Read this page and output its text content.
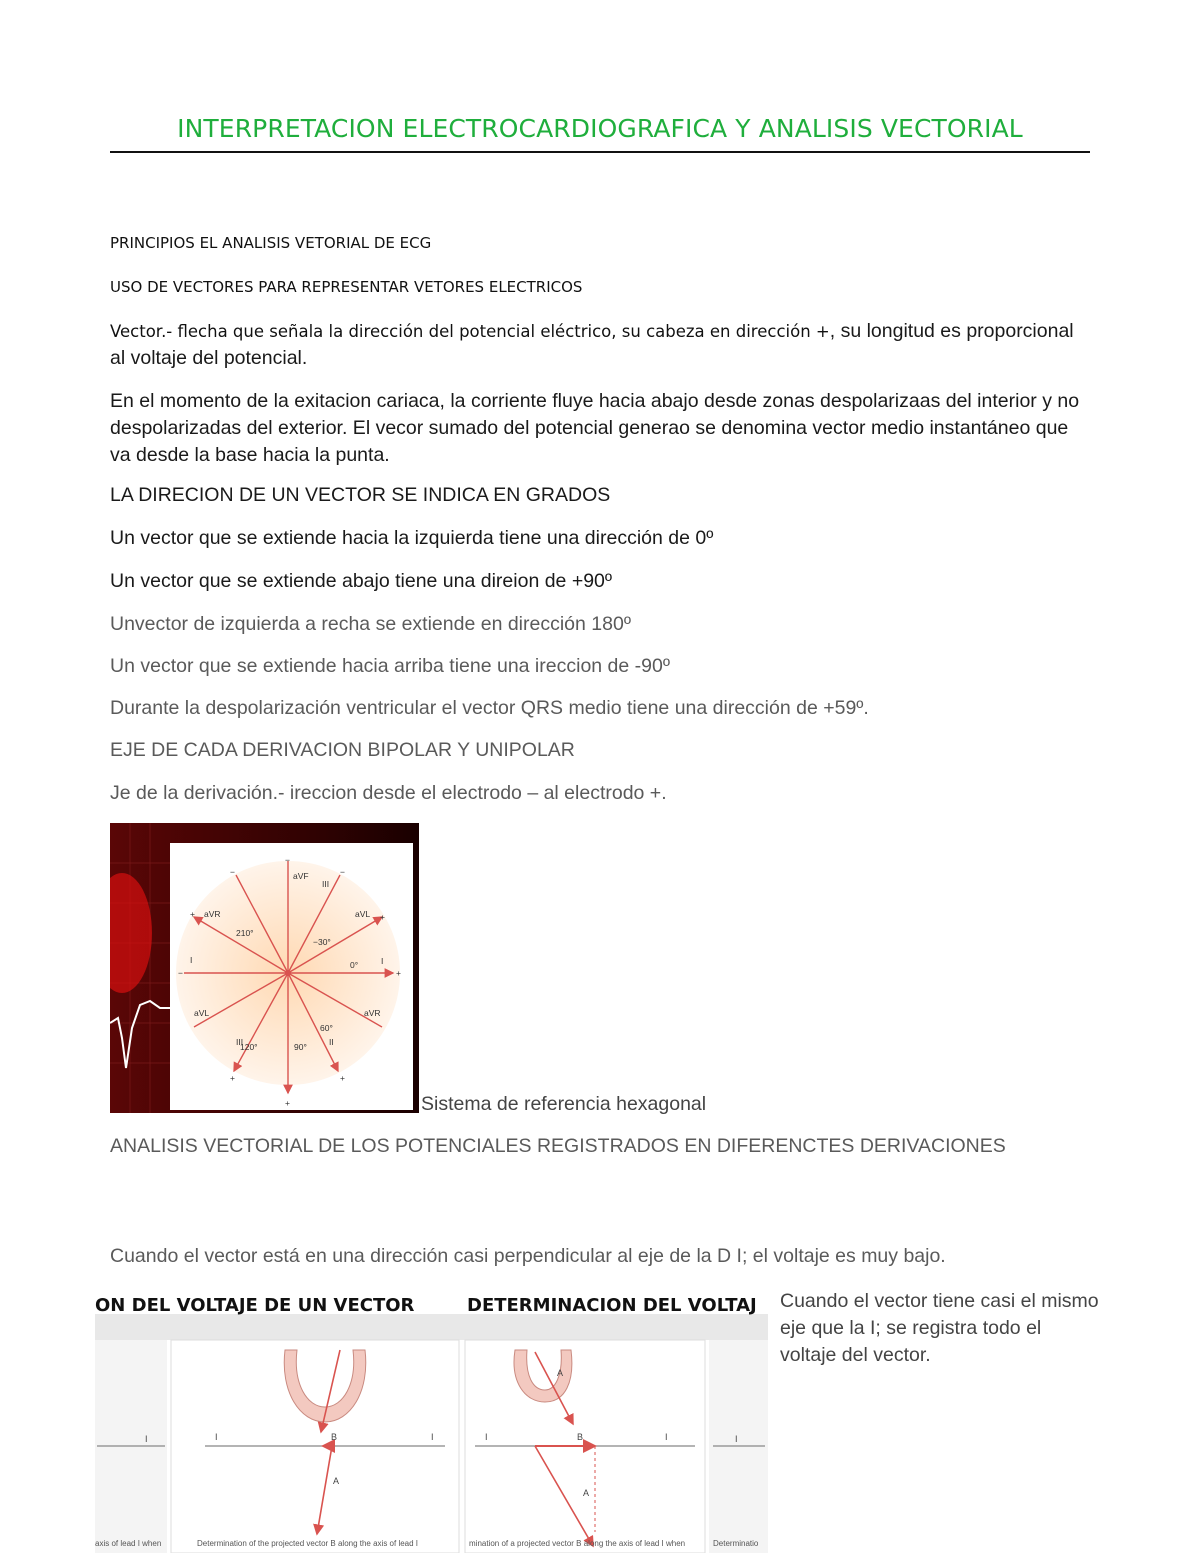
INTERPRETACION ELECTROCARDIOGRAFICA Y ANALISIS VECTORIAL
PRINCIPIOS EL ANALISIS VETORIAL DE ECG
USO DE VECTORES PARA REPRESENTAR VETORES ELECTRICOS
Vector.- flecha que señala la dirección del potencial eléctrico, su cabeza en dirección +, su longitud es proporcional al voltaje del potencial.
En el momento de la exitacion cariaca, la corriente fluye hacia abajo desde zonas despolarizaas del interior y no despolarizadas del exterior. El vecor sumado del potencial generao se denomina vector medio instantáneo que va desde la base hacia la punta.
LA DIRECION DE UN VECTOR SE INDICA EN GRADOS
Un vector que se extiende hacia la izquierda tiene una dirección de 0º
Un vector que se extiende abajo tiene una direion de +90º
Unvector de izquierda a recha se extiende en dirección 180º
Un vector que se extiende hacia arriba tiene una ireccion de -90º
Durante la despolarización ventricular el vector QRS medio tiene una dirección de +59º.
EJE DE CADA DERIVACION BIPOLAR Y UNIPOLAR
Je de la derivación.- ireccion desde el electrodo – al electrodo +.
aVF
III
aVR	aVL
210°
−30°
I	0°	I
aVL	aVR
60°
II
III
120°	90°
+
+
+	+
+	+
−
−	−
−
Sistema de referencia hexagonal
ANALISIS VECTORIAL DE LOS POTENCIALES REGISTRADOS EN DIFERENCTES DERIVACIONES
Cuando el vector está en una dirección casi perpendicular al eje de la D I; el voltaje es muy bajo.
ON DEL VOLTAJE DE UN VECTOR	DETERMINACION DEL VOLTAJ
I	I	I
B
A
Determination of the projected vector B along the axis of lead I
axis of lead I when
I	I
B
A
A
mination of a projected vector B along the axis of lead I when
I
Determinatio
Cuando el vector tiene casi el mismo eje que la I; se registra todo el voltaje del vector.
